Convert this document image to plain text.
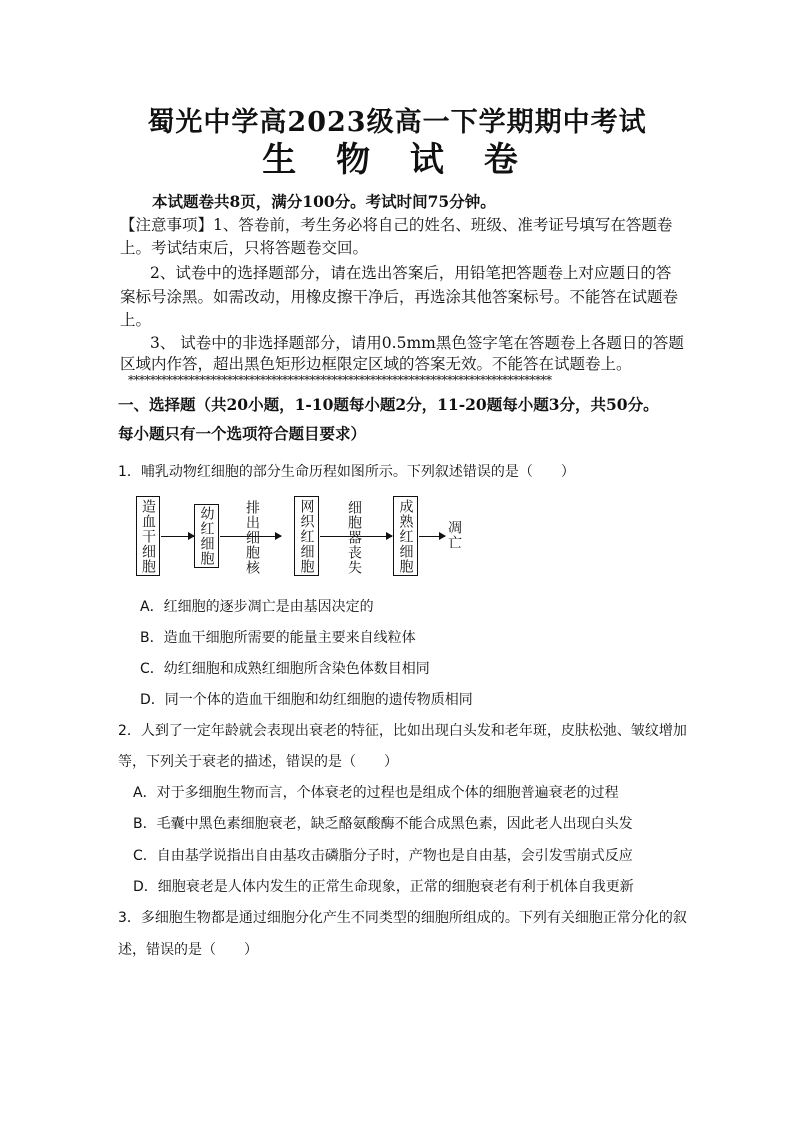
蜀光中学高2023级高一下学期期中考试
生 物 试 卷
本试题卷共8页，满分100分。考试时间75分钟。
【注意事项】1、答卷前，考生务必将自己的姓名、班级、准考证号填写在答题卷
上。考试结束后，只将答题卷交回。
2、试卷中的选择题部分，请在选出答案后，用铅笔把答题卷上对应题日的答
案标号涂黑。如需改动，用橡皮擦干净后，再选涂其他答案标号。不能答在试题卷
上。
3、 试卷中的非选择题部分，请用0.5mm黑色签字笔在答题卷上各题日的答题
区域内作答，超出黑色矩形边框限定区域的答案无效。不能答在试题卷上。
*****************************************************************************
一、选择题（共20小题，1-10题每小题2分，11-20题每小题3分，共50分。
每小题只有一个选项符合题目要求）
1．哺乳动物红细胞的部分生命历程如图所示。下列叙述错误的是（　　）
造血干细胞	幼红细胞 排出细胞核	网织红细胞 细胞器丧失	成熟红细胞 凋亡
A．红细胞的逐步凋亡是由基因决定的
B．造血干细胞所需要的能量主要来自线粒体
C．幼红细胞和成熟红细胞所含染色体数目相同
D．同一个体的造血干细胞和幼红细胞的遗传物质相同
2．人到了一定年龄就会表现出衰老的特征，比如出现白头发和老年斑，皮肤松弛、皱纹增加
等，下列关于衰老的描述，错误的是（　　）
A．对于多细胞生物而言，个体衰老的过程也是组成个体的细胞普遍衰老的过程
B．毛囊中黑色素细胞衰老，缺乏酪氨酸酶不能合成黑色素，因此老人出现白头发
C．自由基学说指出自由基攻击磷脂分子时，产物也是自由基，会引发雪崩式反应
D．细胞衰老是人体内发生的正常生命现象，正常的细胞衰老有利于机体自我更新
3．多细胞生物都是通过细胞分化产生不同类型的细胞所组成的。下列有关细胞正常分化的叙
述，错误的是（　　）
